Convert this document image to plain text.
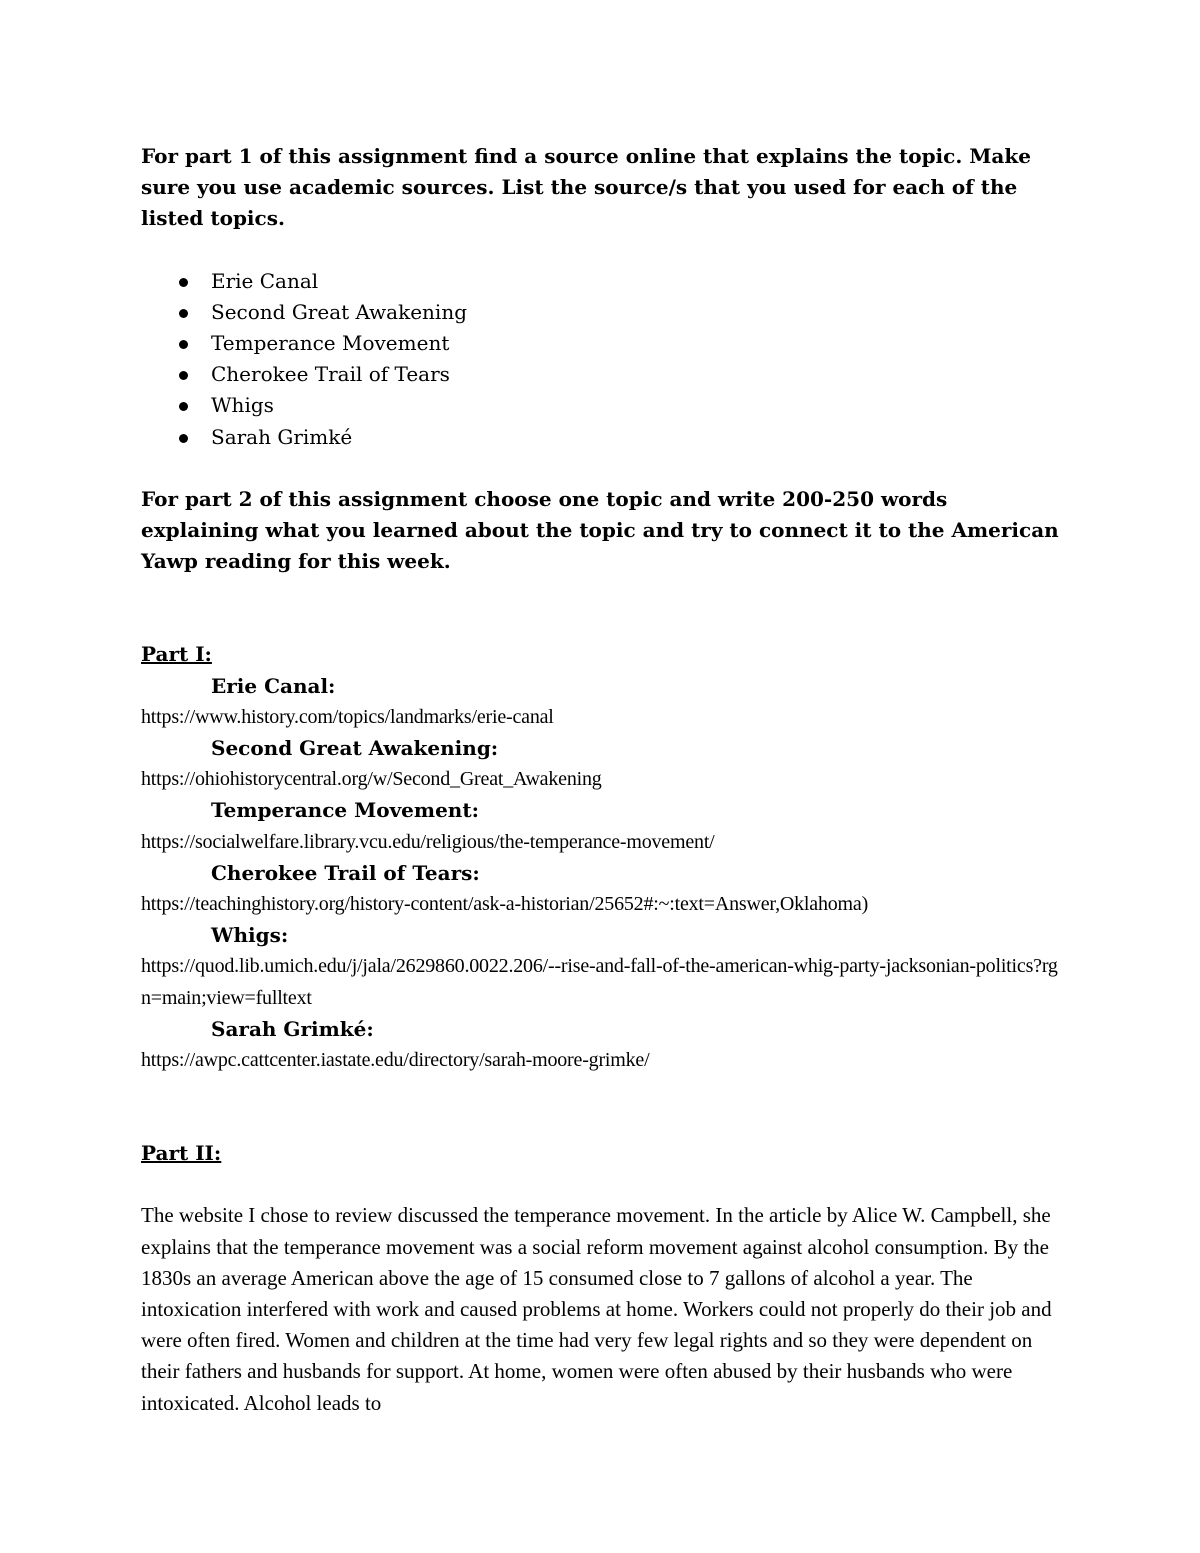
For part 1 of this assignment find a source online that explains the topic. Make sure you use academic sources. List the source/s that you used for each of the listed topics.

Erie Canal
Second Great Awakening
Temperance Movement
Cherokee Trail of Tears
Whigs
Sarah Grimké

For part 2 of this assignment choose one topic and write 200-250 words explaining what you learned about the topic and try to connect it to the American Yawp reading for this week.

Part I:
Erie Canal:
https://www.history.com/topics/landmarks/erie-canal
Second Great Awakening:
https://ohiohistorycentral.org/w/Second_Great_Awakening
Temperance Movement:
https://socialwelfare.library.vcu.edu/religious/the-temperance-movement/
Cherokee Trail of Tears:
https://teachinghistory.org/history-content/ask-a-historian/25652#:~:text=Answer,Oklahoma)
Whigs:
https://quod.lib.umich.edu/j/jala/2629860.0022.206/--rise-and-fall-of-the-american-whig-party-jacksonian-politics?rgn=main;view=fulltext
Sarah Grimké:
https://awpc.cattcenter.iastate.edu/directory/sarah-moore-grimke/
Part II:

The website I chose to review discussed the temperance movement. In the article by Alice W. Campbell, she explains that the temperance movement was a social reform movement against alcohol consumption. By the 1830s an average American above the age of 15 consumed close to 7 gallons of alcohol a year. The intoxication interfered with work and caused problems at home. Workers could not properly do their job and were often fired. Women and children at the time had very few legal rights and so they were dependent on their fathers and husbands for support. At home, women were often abused by their husbands who were intoxicated. Alcohol leads to
